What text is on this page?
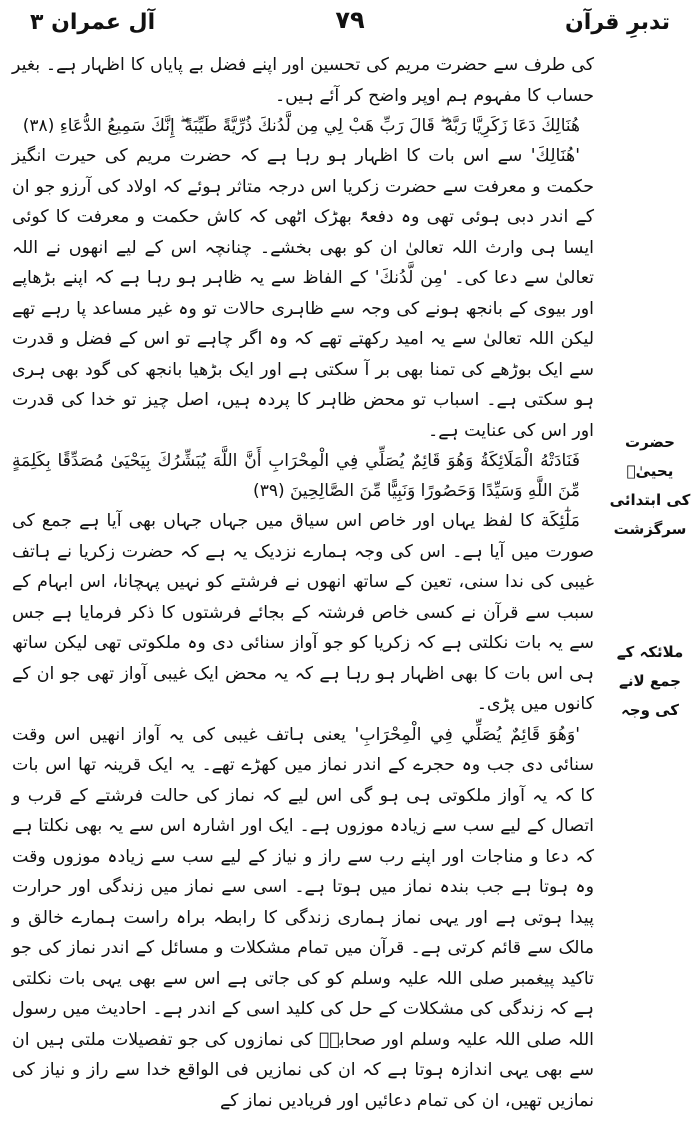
تدبرِ قرآن
٧٩
آل عمران ٣

کی طرف سے حضرت مریم کی تحسین اور اپنے فضل بے پایاں کا اظہار ہے۔ بغیر حساب کا مفہوم ہم اوپر واضح کر آئے ہیں۔

هُنَالِكَ دَعَا زَكَرِيَّا رَبَّهُ ۖ قَالَ رَبِّ هَبْ لِي مِن لَّدُنكَ ذُرِّيَّةً طَيِّبَةً ۖ إِنَّكَ سَمِيعُ الدُّعَاءِ (٣٨)

'هُنَالِكَ' سے اس بات کا اظہار ہو رہا ہے کہ حضرت مریم کی حیرت انگیز حکمت و معرفت سے حضرت زکریا اس درجہ متاثر ہوئے کہ اولاد کی آرزو جو ان کے اندر دبی ہوئی تھی وہ دفعۃً بھڑک اٹھی کہ کاش حکمت و معرفت کا کوئی ایسا ہی وارث اللہ تعالیٰ ان کو بھی بخشے۔ چنانچہ اس کے لیے انھوں نے اللہ تعالیٰ سے دعا کی۔ 'مِن لَّدُنكَ' کے الفاظ سے یہ ظاہر ہو رہا ہے کہ اپنے بڑھاپے اور بیوی کے بانجھ ہونے کی وجہ سے ظاہری حالات تو وہ غیر مساعد پا رہے تھے لیکن اللہ تعالیٰ سے یہ امید رکھتے تھے کہ وہ اگر چاہے تو اس کے فضل و قدرت سے ایک بوڑھے کی تمنا بھی بر آ سکتی ہے اور ایک بڑھیا بانجھ کی گود بھی ہری ہو سکتی ہے۔ اسباب تو محض ظاہر کا پردہ ہیں، اصل چیز تو خدا کی قدرت اور اس کی عنایت ہے۔

فَنَادَتْهُ الْمَلَائِكَةُ وَهُوَ قَائِمٌ يُصَلِّي فِي الْمِحْرَابِ أَنَّ اللَّهَ يُبَشِّرُكَ بِيَحْيَىٰ مُصَدِّقًا بِكَلِمَةٍ مِّنَ اللَّهِ وَسَيِّدًا وَحَصُورًا وَنَبِيًّا مِّنَ الصَّالِحِينَ (٣٩)

مَلٰٓئِكَة کا لفظ یہاں اور خاص اس سیاق میں جہاں جہاں بھی آیا ہے جمع کی صورت میں آیا ہے۔ اس کی وجہ ہمارے نزدیک یہ ہے کہ حضرت زکریا نے ہاتف غیبی کی ندا سنی، تعین کے ساتھ انھوں نے فرشتے کو نہیں پہچانا، اس ابہام کے سبب سے قرآن نے کسی خاص فرشتہ کے بجائے فرشتوں کا ذکر فرمایا ہے جس سے یہ بات نکلتی ہے کہ زکریا کو جو آواز سنائی دی وہ ملکوتی تھی لیکن ساتھ ہی اس بات کا بھی اظہار ہو رہا ہے کہ یہ محض ایک غیبی آواز تھی جو ان کے کانوں میں پڑی۔

'وَهُوَ قَائِمٌ يُصَلِّي فِي الْمِحْرَابِ' یعنی ہاتف غیبی کی یہ آواز انھیں اس وقت سنائی دی جب وہ حجرے کے اندر نماز میں کھڑے تھے۔ یہ ایک قرینہ تھا اس بات کا کہ یہ آواز ملکوتی ہی ہو گی اس لیے کہ نماز کی حالت فرشتے کے قرب و اتصال کے لیے سب سے زیادہ موزوں ہے۔ ایک اور اشارہ اس سے یہ بھی نکلتا ہے کہ دعا و مناجات اور اپنے رب سے راز و نیاز کے لیے سب سے زیادہ موزوں وقت وہ ہوتا ہے جب بندہ نماز میں ہوتا ہے۔ اسی سے نماز میں زندگی اور حرارت پیدا ہوتی ہے اور یہی نماز ہماری زندگی کا رابطہ براہ راست ہمارے خالق و مالک سے قائم کرتی ہے۔ قرآن میں تمام مشکلات و مسائل کے اندر نماز کی جو تاکید پیغمبر صلی اللہ علیہ وسلم کو کی جاتی ہے اس سے بھی یہی بات نکلتی ہے کہ زندگی کی مشکلات کے حل کی کلید اسی کے اندر ہے۔ احادیث میں رسول اللہ صلی اللہ علیہ وسلم اور صحابہؓ کی نمازوں کی جو تفصیلات ملتی ہیں ان سے بھی یہی اندازہ ہوتا ہے کہ ان کی نمازیں فی الواقع خدا سے راز و نیاز کی نمازیں تھیں، ان کی تمام دعائیں اور فریادیں نماز کے

حضرت یحییٰؑ
کی ابتدائی
سرگزشت
ملائکہ کے
جمع لانے
کی وجہ
